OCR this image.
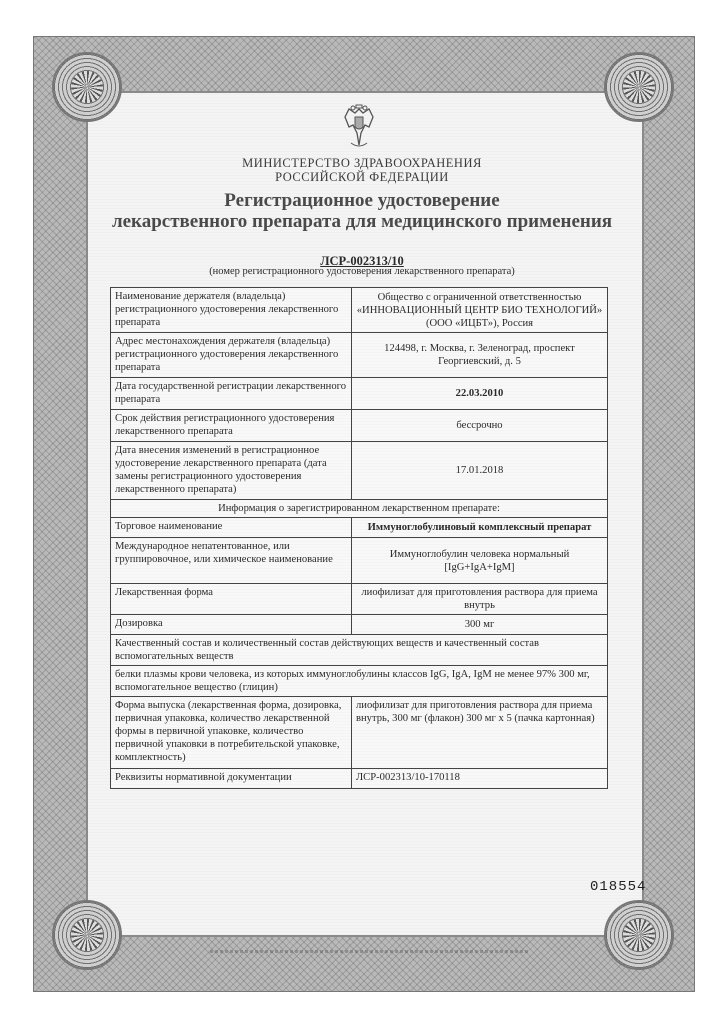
МИНИСТЕРСТВО ЗДРАВООХРАНЕНИЯ
РОССИЙСКОЙ ФЕДЕРАЦИИ
Регистрационное удостоверение
лекарственного препарата для медицинского применения
ЛСР-002313/10
(номер регистрационного удостоверения лекарственного препарата)
Наименование держателя (владельца) регистрационного удостоверения лекарственного препарата	Общество с ограниченной ответственностью «ИННОВАЦИОННЫЙ ЦЕНТР БИО ТЕХНОЛОГИЙ» (ООО «ИЦБТ»), Россия
Адрес местонахождения держателя (владельца) регистрационного удостоверения лекарственного препарата	124498, г. Москва, г. Зеленоград, проспект Георгиевский, д. 5
Дата государственной регистрации лекарственного препарата	22.03.2010
Срок действия регистрационного удостоверения лекарственного препарата	бессрочно
Дата внесения изменений в регистрационное удостоверение лекарственного препарата (дата замены регистрационного удостоверения лекарственного препарата)	17.01.2018
Информация о зарегистрированном лекарственном препарате:	
Торговое наименование	Иммуноглобулиновый комплексный препарат
Международное непатентованное, или группировочное, или химическое наименование	Иммуноглобулин человека нормальный [IgG+IgA+IgM]
Лекарственная форма	лиофилизат для приготовления раствора для приема внутрь
Дозировка	300 мг
Качественный состав и количественный состав действующих веществ и качественный состав вспомогательных веществ	
белки плазмы крови человека, из которых иммуноглобулины классов IgG, IgA, IgM не менее 97% 300 мг, вспомогательное вещество (глицин)	
Форма выпуска (лекарственная форма, дозировка, первичная упаковка, количество лекарственной формы в первичной упаковке, количество первичной упаковки в потребительской упаковке, комплектность)	лиофилизат для приготовления раствора для приема внутрь, 300 мг (флакон) 300 мг х 5 (пачка картонная)
Реквизиты нормативной документации	ЛСР-002313/10-170118
018554
